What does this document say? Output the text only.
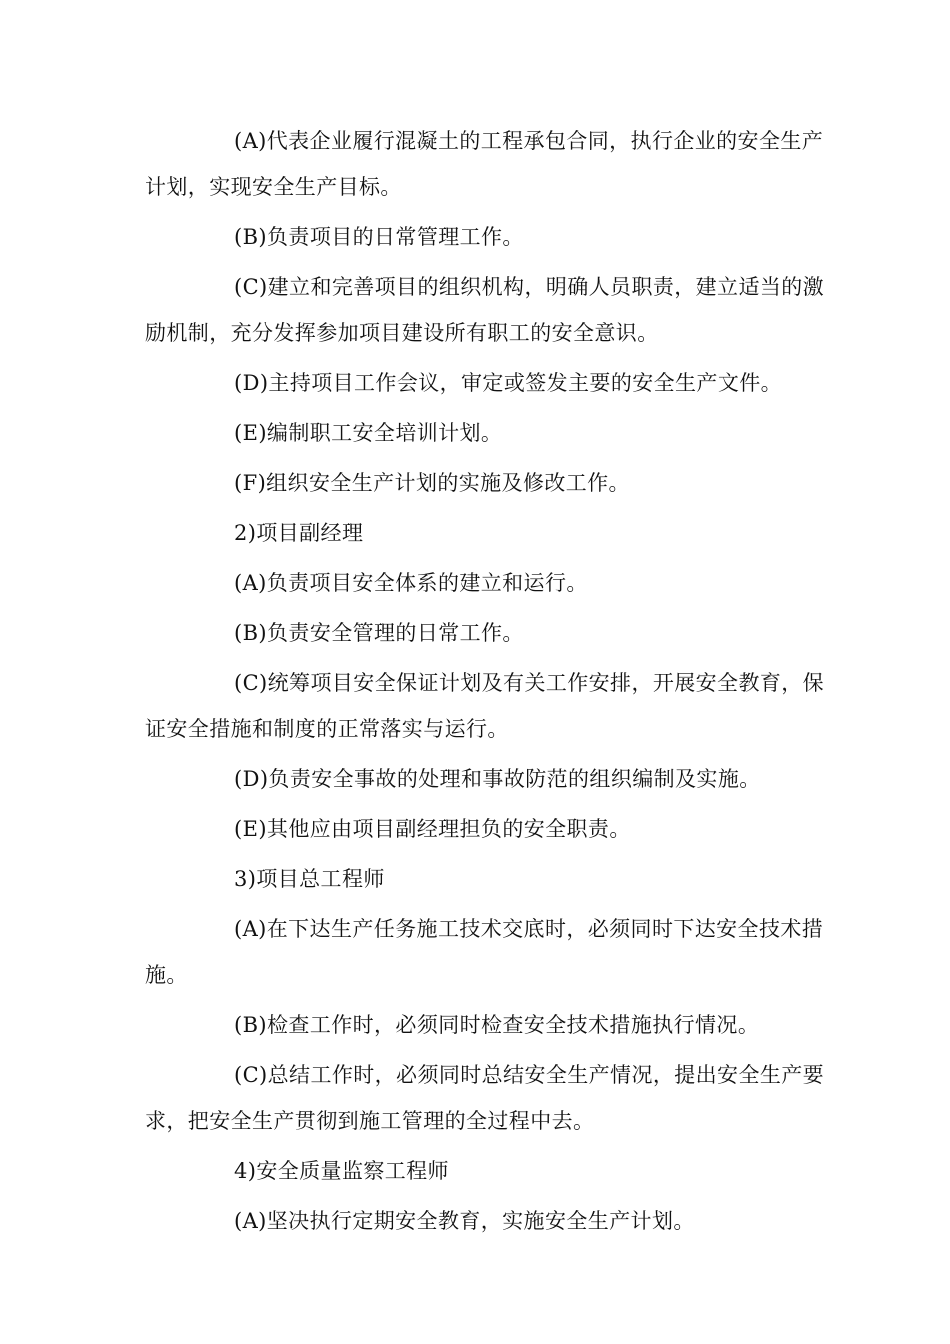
(A)代表企业履行混凝土的工程承包合同，执行企业的安全生产计划，实现安全生产目标。

(B)负责项目的日常管理工作。

(C)建立和完善项目的组织机构，明确人员职责，建立适当的激励机制，充分发挥参加项目建设所有职工的安全意识。

(D)主持项目工作会议，审定或签发主要的安全生产文件。

(E)编制职工安全培训计划。

(F)组织安全生产计划的实施及修改工作。

2)项目副经理

(A)负责项目安全体系的建立和运行。

(B)负责安全管理的日常工作。

(C)统筹项目安全保证计划及有关工作安排，开展安全教育，保证安全措施和制度的正常落实与运行。

(D)负责安全事故的处理和事故防范的组织编制及实施。

(E)其他应由项目副经理担负的安全职责。

3)项目总工程师

(A)在下达生产任务施工技术交底时，必须同时下达安全技术措施。

(B)检查工作时，必须同时检查安全技术措施执行情况。

(C)总结工作时，必须同时总结安全生产情况，提出安全生产要求，把安全生产贯彻到施工管理的全过程中去。

4)安全质量监察工程师

(A)坚决执行定期安全教育，实施安全生产计划。
